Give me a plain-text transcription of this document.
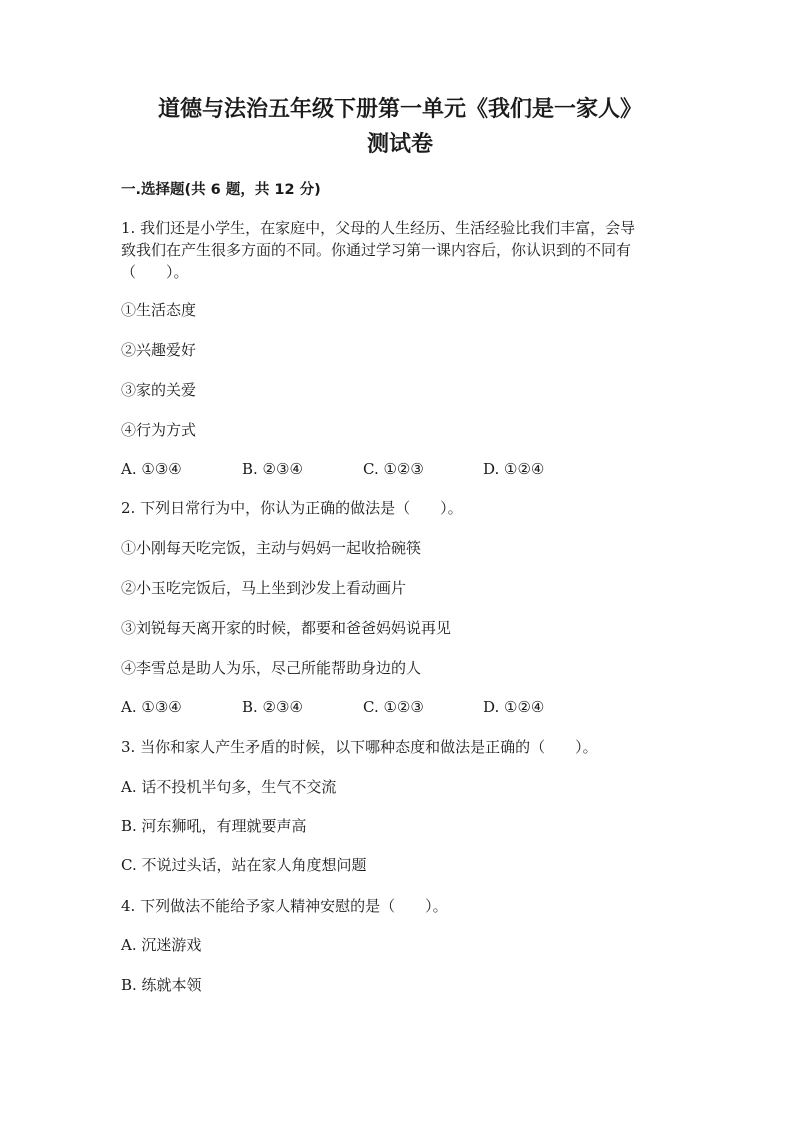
道德与法治五年级下册第一单元《我们是一家人》
测试卷
一.选择题(共 6 题，共 12 分)
1. 我们还是小学生，在家庭中，父母的人生经历、生活经验比我们丰富，会导
致我们在产生很多方面的不同。你通过学习第一课内容后，你认识到的不同有
（　　）。
①生活态度
②兴趣爱好
③家的关爱
④行为方式
A. ①③④	B. ②③④	C. ①②③	D. ①②④
2. 下列日常行为中，你认为正确的做法是（　　）。
①小刚每天吃完饭，主动与妈妈一起收拾碗筷
②小玉吃完饭后，马上坐到沙发上看动画片
③刘锐每天离开家的时候，都要和爸爸妈妈说再见
④李雪总是助人为乐，尽己所能帮助身边的人
A. ①③④	B. ②③④	C. ①②③	D. ①②④
3. 当你和家人产生矛盾的时候，以下哪种态度和做法是正确的（　　）。
A. 话不投机半句多，生气不交流
B. 河东狮吼，有理就要声高
C. 不说过头话，站在家人角度想问题
4. 下列做法不能给予家人精神安慰的是（　　）。
A. 沉迷游戏
B. 练就本领
